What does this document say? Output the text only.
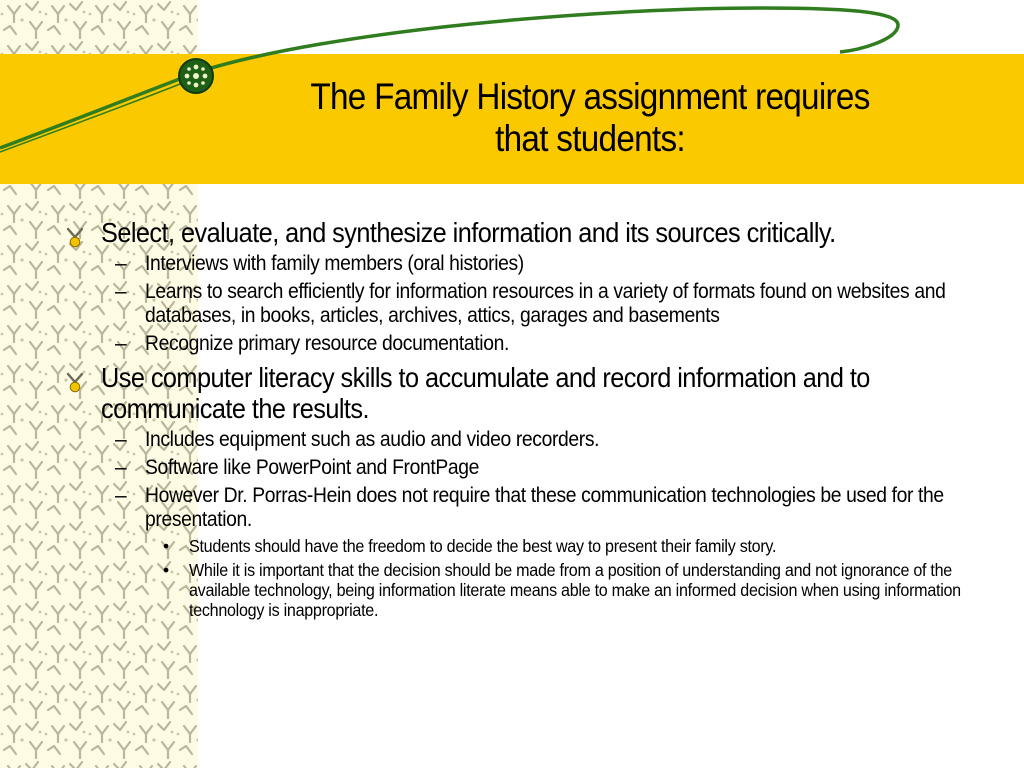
The Family History assignment requires
that students:
Select, evaluate, and synthesize information and its sources critically.
– Interviews with family members (oral histories)
– Learns to search efficiently for information resources in a variety of formats found on websites and databases, in books, articles, archives, attics, garages and basements
– Recognize primary resource documentation.
Use computer literacy skills to accumulate and record information and to communicate the results.
– Includes equipment such as audio and video recorders.
– Software like PowerPoint and FrontPage
– However Dr. Porras-Hein does not require that these communication technologies be used for the presentation.
• Students should have the freedom to decide the best way to present their family story.
• While it is important that the decision should be made from a position of understanding and not ignorance of the available technology, being information literate means able to make an informed decision when using information technology is inappropriate.
